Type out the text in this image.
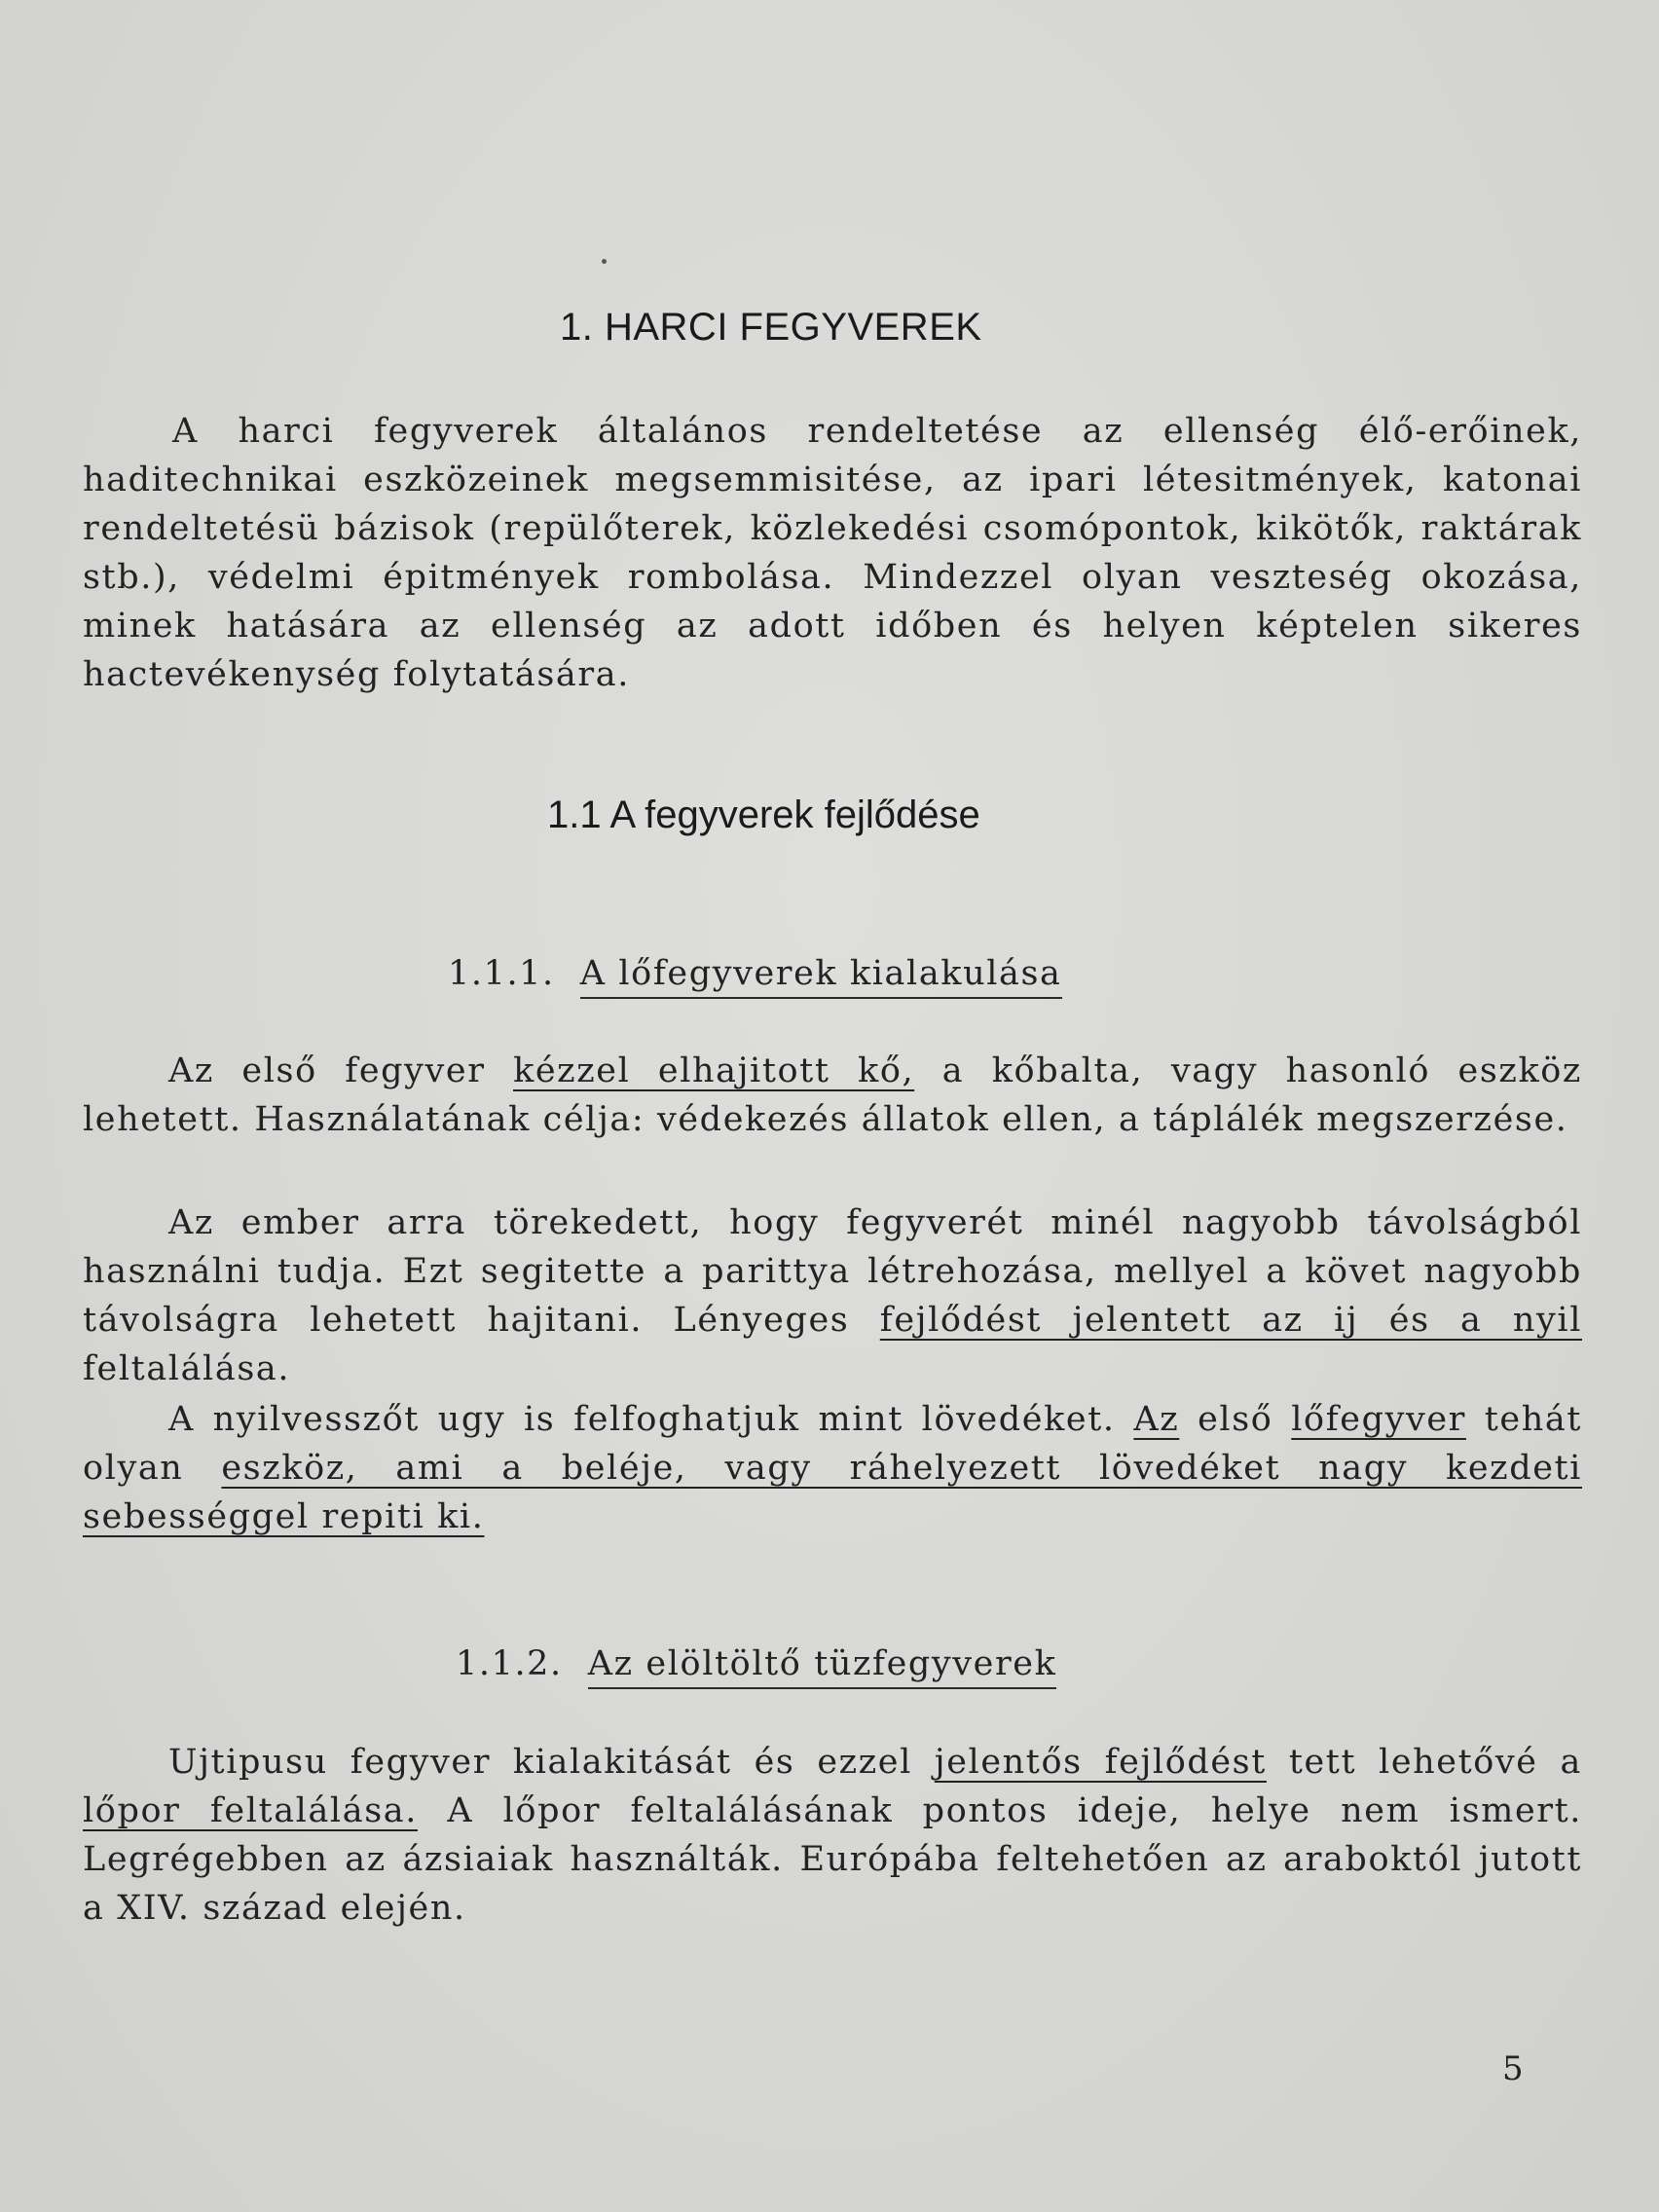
1. HARCI FEGYVEREK

A harci fegyverek általános rendeltetése az ellenség élő-erőinek, haditechnikai eszközeinek megsemmisitése, az ipari létesitmények, katonai rendeltetésü bázisok (repülőterek, közlekedési csomópontok, kikötők, raktárak stb.), védelmi épitmények rombolása. Mindezzel olyan veszteség okozása, minek hatására az ellenség az adott időben és helyen képtelen sikeres hactevékenység folytatására.

1.1 A fegyverek fejlődése
1.1.1. A lőfegyverek kialakulása

Az első fegyver kézzel elhajitott kő, a kőbalta, vagy hasonló eszköz lehetett. Használatának célja: védekezés állatok ellen, a táplálék megszerzése.

Az ember arra törekedett, hogy fegyverét minél nagyobb távolságból használni tudja. Ezt segitette a parittya létrehozása, mellyel a követ nagyobb távolságra lehetett hajitani. Lényeges fejlődést jelentett az ij és a nyil feltalálása.

A nyilvesszőt ugy is felfoghatjuk mint lövedéket. Az első lőfegyver tehát olyan eszköz, ami a beléje, vagy ráhelyezett lövedéket nagy kezdeti sebességgel repiti ki.

1.1.2. Az elöltöltő tüzfegyverek

Ujtipusu fegyver kialakitását és ezzel jelentős fejlődést tett lehetővé a lőpor feltalálása. A lőpor feltalálásának pontos ideje, helye nem ismert. Legrégebben az ázsiaiak használták. Európába feltehetően az araboktól jutott a XIV. század elején.

5
